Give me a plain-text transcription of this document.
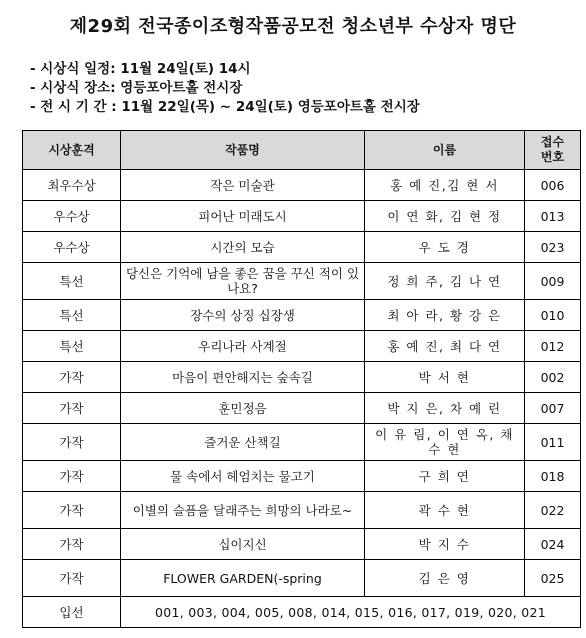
제29회 전국종이조형작품공모전 청소년부 수상자 명단
- 시상식 일정: 11월 24일(토) 14시
- 시상식 장소: 영등포아트홀 전시장
- 전 시 기 간 : 11월 22일(목) ~ 24일(토) 영등포아트홀 전시장
시상훈격	작품명	이름	접수
번호
최우수상	작은 미술관	홍 예 진,김 현 서	006
우수상	피어난 미래도시	이 연 화, 김 현 정	013
우수상	시간의 모습	우 도 경	023
특선	당신은 기억에 남을 좋은 꿈을 꾸신 적이 있나요?	정 희 주, 김 나 연	009
특선	장수의 상징 십장생	최 아 라, 황 강 은	010
특선	우리나라 사계절	홍 예 진, 최 다 연	012
가작	마음이 편안해지는 숲속길	박 서 현	002
가작	훈민정음	박 지 은, 차 예 린	007
가작	즐거운 산책길	이 유 림, 이 연 옥, 채 수 현	011
가작	물 속에서 헤엄치는 물고기	구 희 연	018
가작	이별의 슬픔을 달래주는 희망의 나라로~	곽 수 현	022
가작	십이지신	박 지 수	024
가작	FLOWER GARDEN(-spring	김 은 영	025
입선	001, 003, 004, 005, 008, 014, 015, 016, 017, 019, 020, 021		
